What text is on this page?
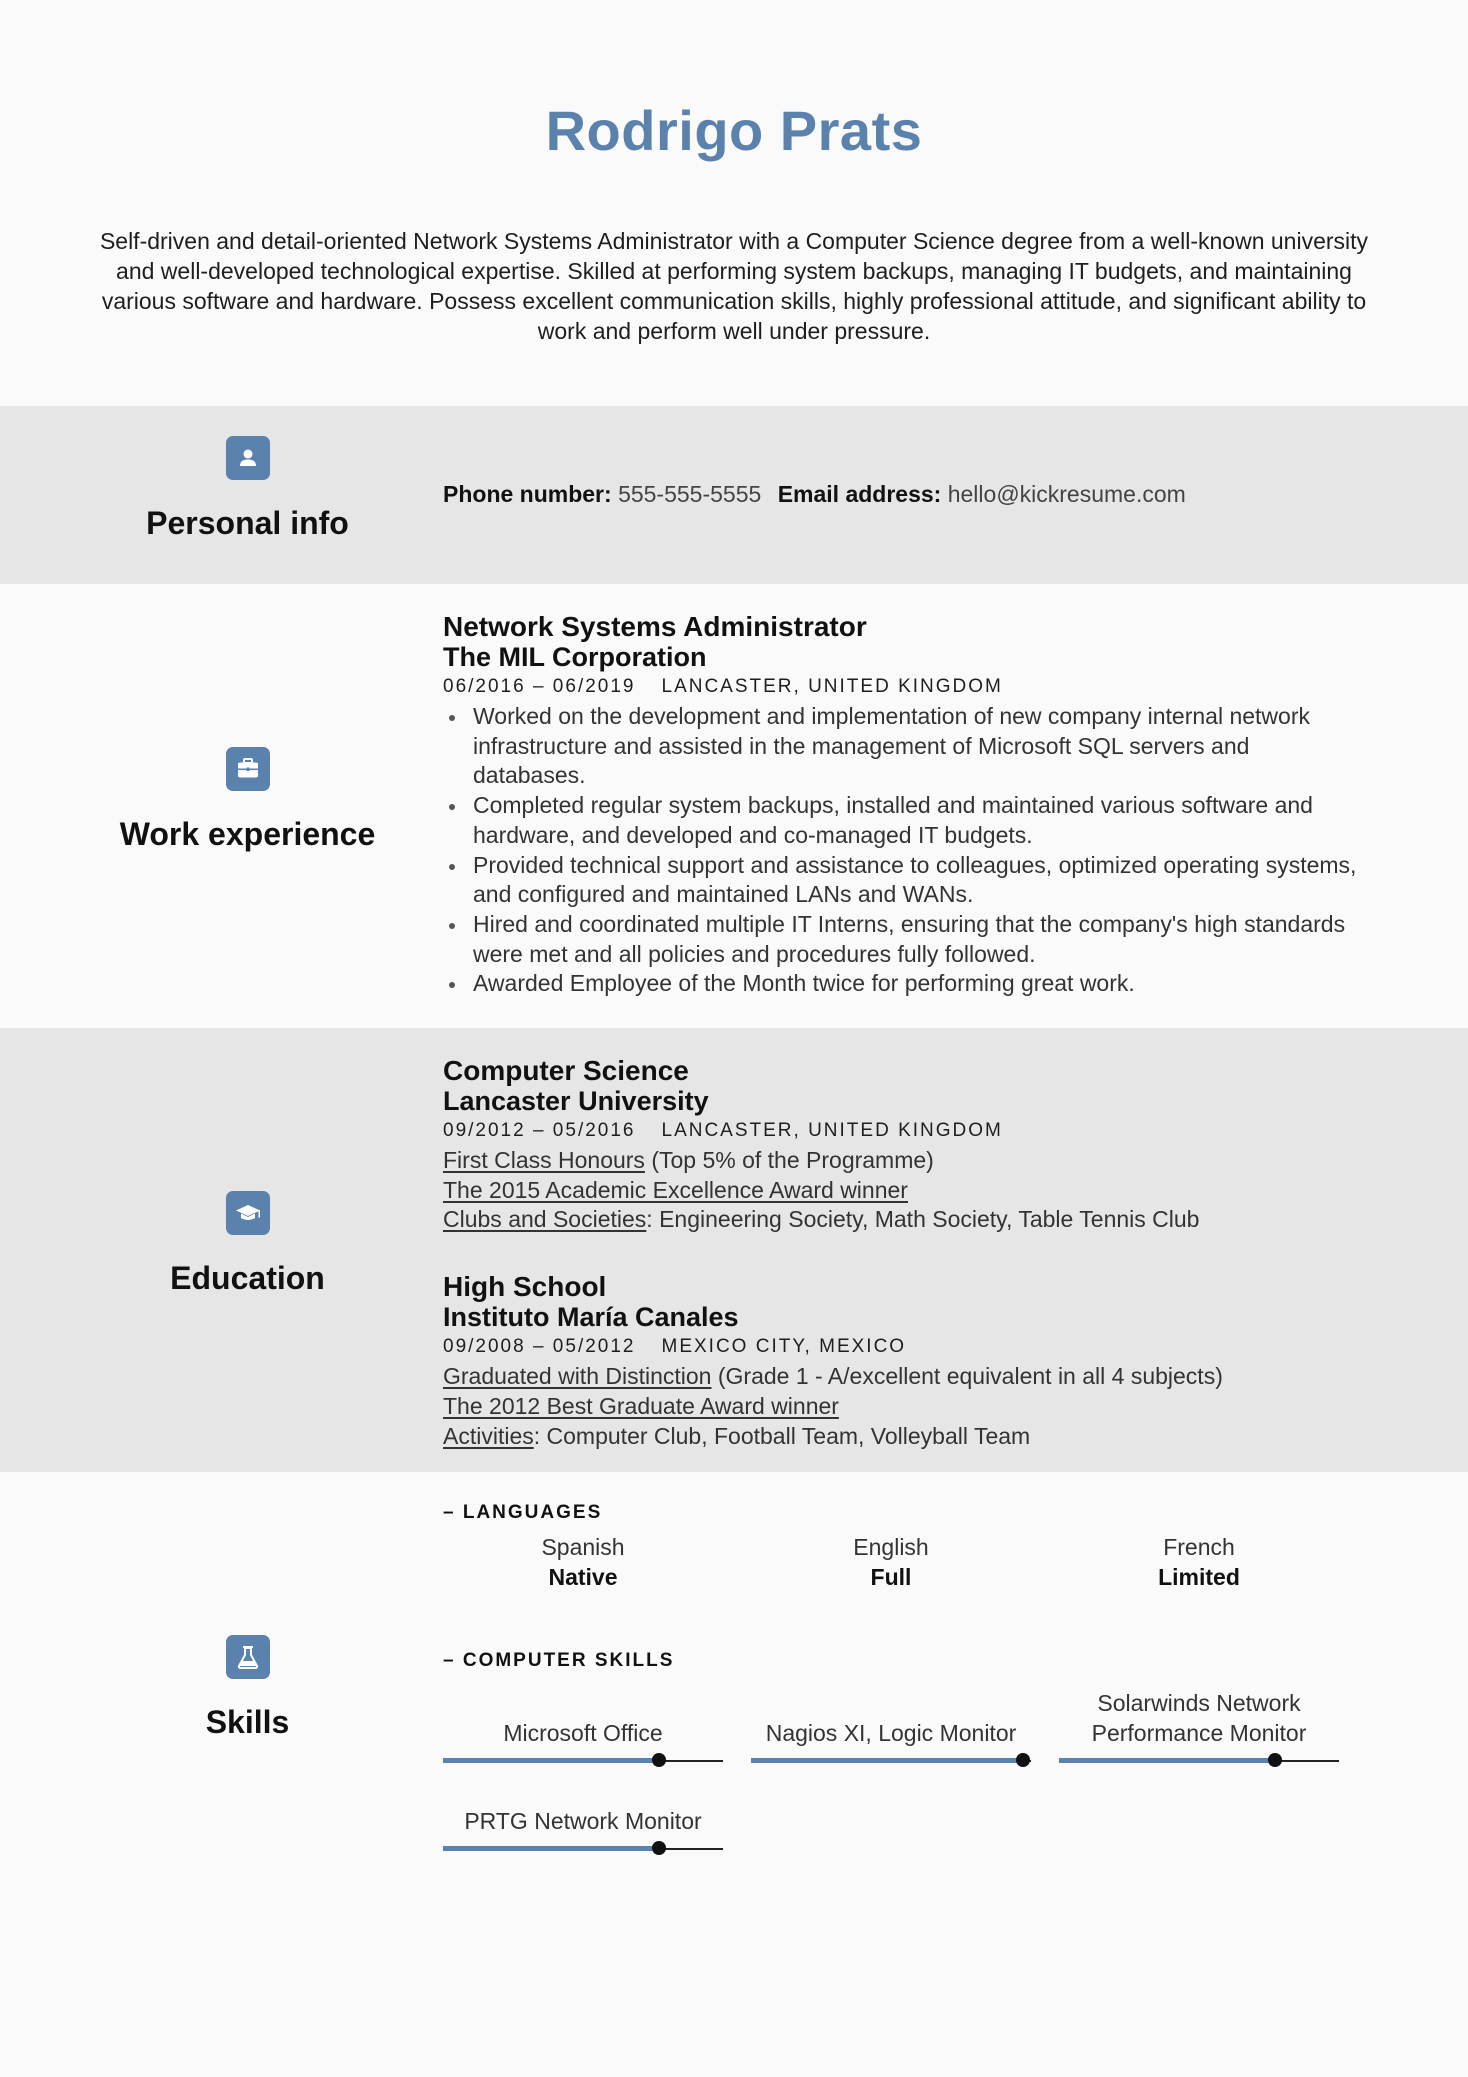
Rodrigo Prats
Self-driven and detail-oriented Network Systems Administrator with a Computer Science degree from a well-known university and well-developed technological expertise. Skilled at performing system backups, managing IT budgets, and maintaining various software and hardware. Possess excellent communication skills, highly professional attitude, and significant ability to work and perform well under pressure.
Personal info
Phone number: 555-555-5555 Email address: hello@kickresume.com
Work experience
Network Systems Administrator
The MIL Corporation
06/2016 – 06/2019 LANCASTER, UNITED KINGDOM
Worked on the development and implementation of new company internal network infrastructure and assisted in the management of Microsoft SQL servers and databases.
Completed regular system backups, installed and maintained various software and hardware, and developed and co-managed IT budgets.
Provided technical support and assistance to colleagues, optimized operating systems, and configured and maintained LANs and WANs.
Hired and coordinated multiple IT Interns, ensuring that the company's high standards were met and all policies and procedures fully followed.
Awarded Employee of the Month twice for performing great work.
Education
Computer Science
Lancaster University
09/2012 – 05/2016 LANCASTER, UNITED KINGDOM
First Class Honours (Top 5% of the Programme)
The 2015 Academic Excellence Award winner
Clubs and Societies: Engineering Society, Math Society, Table Tennis Club
High School
Instituto María Canales
09/2008 – 05/2012 MEXICO CITY, MEXICO
Graduated with Distinction (Grade 1 - A/excellent equivalent in all 4 subjects)
The 2012 Best Graduate Award winner
Activities: Computer Club, Football Team, Volleyball Team
Skills
– LANGUAGES
Spanish
Native
English
Full
French
Limited
– COMPUTER SKILLS
Microsoft Office	Nagios XI, Logic Monitor
Solarwinds Network Performance Monitor
PRTG Network Monitor
